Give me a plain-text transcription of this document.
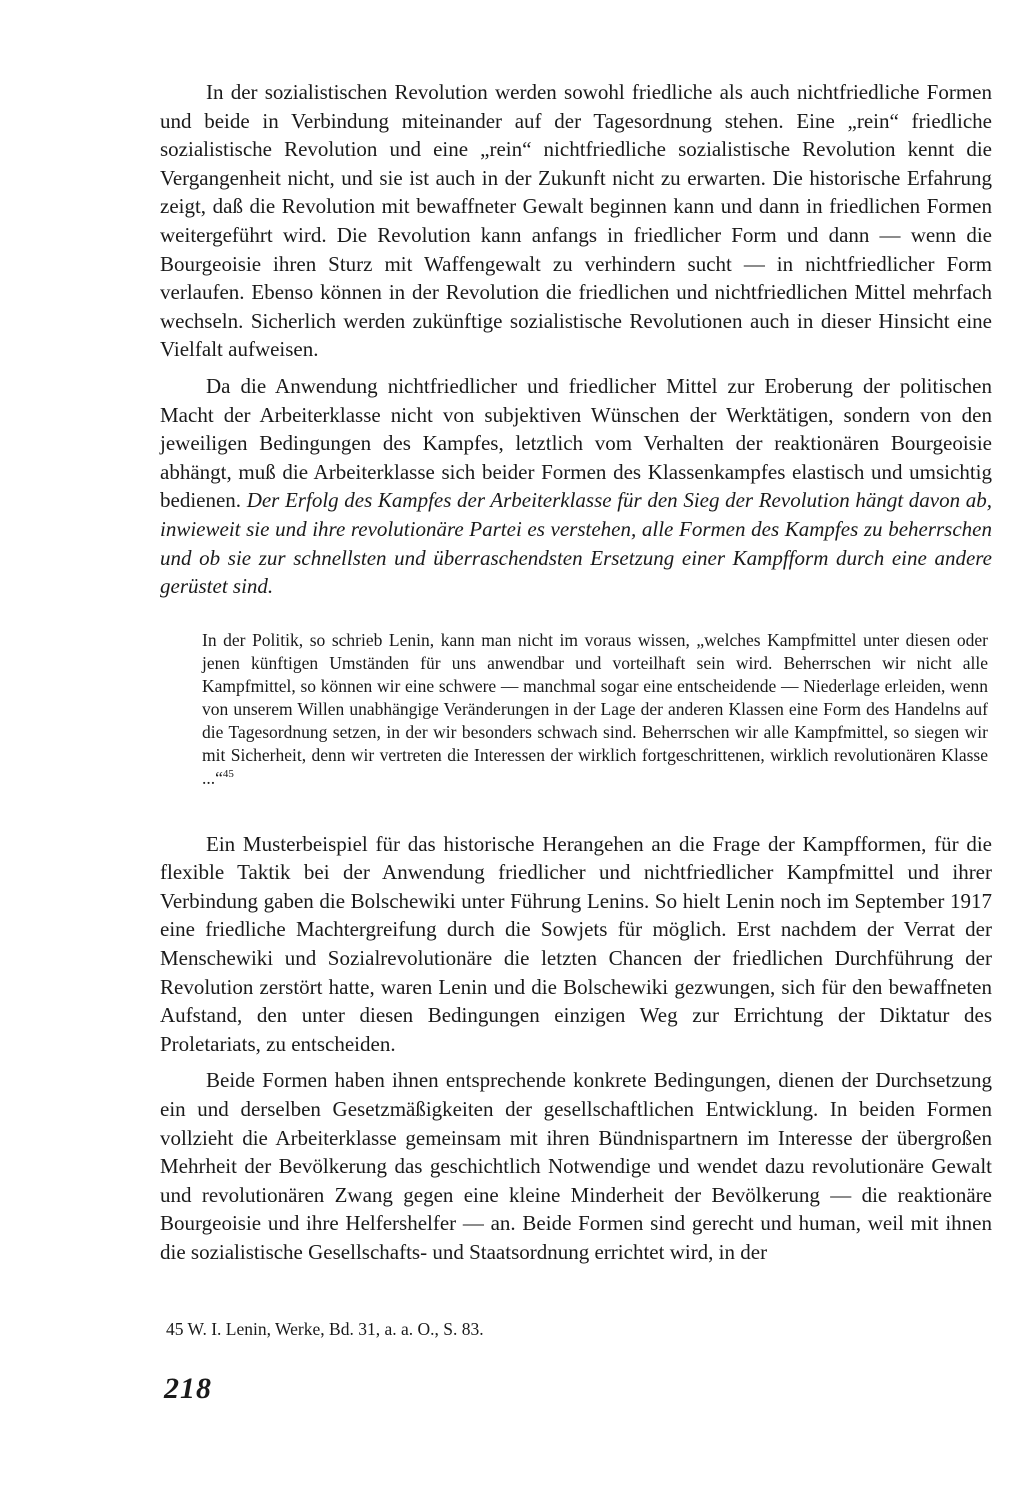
In der sozialistischen Revolution werden sowohl friedliche als auch nichtfriedliche Formen und beide in Verbindung miteinander auf der Tagesordnung stehen. Eine „rein“ friedliche sozialistische Revolution und eine „rein“ nichtfriedliche sozialistische Revolution kennt die Vergangenheit nicht, und sie ist auch in der Zukunft nicht zu erwarten. Die historische Erfahrung zeigt, daß die Revolution mit bewaffneter Gewalt beginnen kann und dann in friedlichen Formen weitergeführt wird. Die Revolution kann anfangs in friedlicher Form und dann — wenn die Bourgeoisie ihren Sturz mit Waffengewalt zu verhindern sucht — in nichtfriedlicher Form verlaufen. Ebenso können in der Revolution die friedlichen und nichtfriedlichen Mittel mehrfach wechseln. Sicherlich werden zukünftige sozialistische Revolutionen auch in dieser Hinsicht eine Vielfalt aufweisen.

Da die Anwendung nichtfriedlicher und friedlicher Mittel zur Eroberung der politischen Macht der Arbeiterklasse nicht von subjektiven Wünschen der Werktätigen, sondern von den jeweiligen Bedingungen des Kampfes, letztlich vom Verhalten der reaktionären Bourgeoisie abhängt, muß die Arbeiterklasse sich beider Formen des Klassenkampfes elastisch und umsichtig bedienen. Der Erfolg des Kampfes der Arbeiterklasse für den Sieg der Revolution hängt davon ab, inwieweit sie und ihre revolutionäre Partei es verstehen, alle Formen des Kampfes zu beherrschen und ob sie zur schnellsten und überraschendsten Ersetzung einer Kampfform durch eine andere gerüstet sind.

In der Politik, so schrieb Lenin, kann man nicht im voraus wissen, „welches Kampfmittel unter diesen oder jenen künftigen Umständen für uns anwendbar und vorteilhaft sein wird. Beherrschen wir nicht alle Kampfmittel, so können wir eine schwere — manchmal sogar eine entscheidende — Niederlage erleiden, wenn von unserem Willen unabhängige Veränderungen in der Lage der anderen Klassen eine Form des Handelns auf die Tagesordnung setzen, in der wir besonders schwach sind. Beherrschen wir alle Kampfmittel, so siegen wir mit Sicherheit, denn wir vertreten die Interessen der wirklich fortgeschrittenen, wirklich revolutionären Klasse ...“$^{45}$

Ein Musterbeispiel für das historische Herangehen an die Frage der Kampfformen, für die flexible Taktik bei der Anwendung friedlicher und nichtfriedlicher Kampfmittel und ihrer Verbindung gaben die Bolschewiki unter Führung Lenins. So hielt Lenin noch im September 1917 eine friedliche Machtergreifung durch die Sowjets für möglich. Erst nachdem der Verrat der Menschewiki und Sozialrevolutionäre die letzten Chancen der friedlichen Durchführung der Revolution zerstört hatte, waren Lenin und die Bolschewiki gezwungen, sich für den bewaffneten Aufstand, den unter diesen Bedingungen einzigen Weg zur Errichtung der Diktatur des Proletariats, zu entscheiden.

Beide Formen haben ihnen entsprechende konkrete Bedingungen, dienen der Durchsetzung ein und derselben Gesetzmäßigkeiten der gesellschaftlichen Entwicklung. In beiden Formen vollzieht die Arbeiterklasse gemeinsam mit ihren Bündnispartnern im Interesse der übergroßen Mehrheit der Bevölkerung das geschichtlich Notwendige und wendet dazu revolutionäre Gewalt und revolutionären Zwang gegen eine kleine Minderheit der Bevölkerung — die reaktionäre Bourgeoisie und ihre Helfershelfer — an. Beide Formen sind gerecht und human, weil mit ihnen die sozialistische Gesellschafts- und Staatsordnung errichtet wird, in der

45 W. I. Lenin, Werke, Bd. 31, a. a. O., S. 83.
218
